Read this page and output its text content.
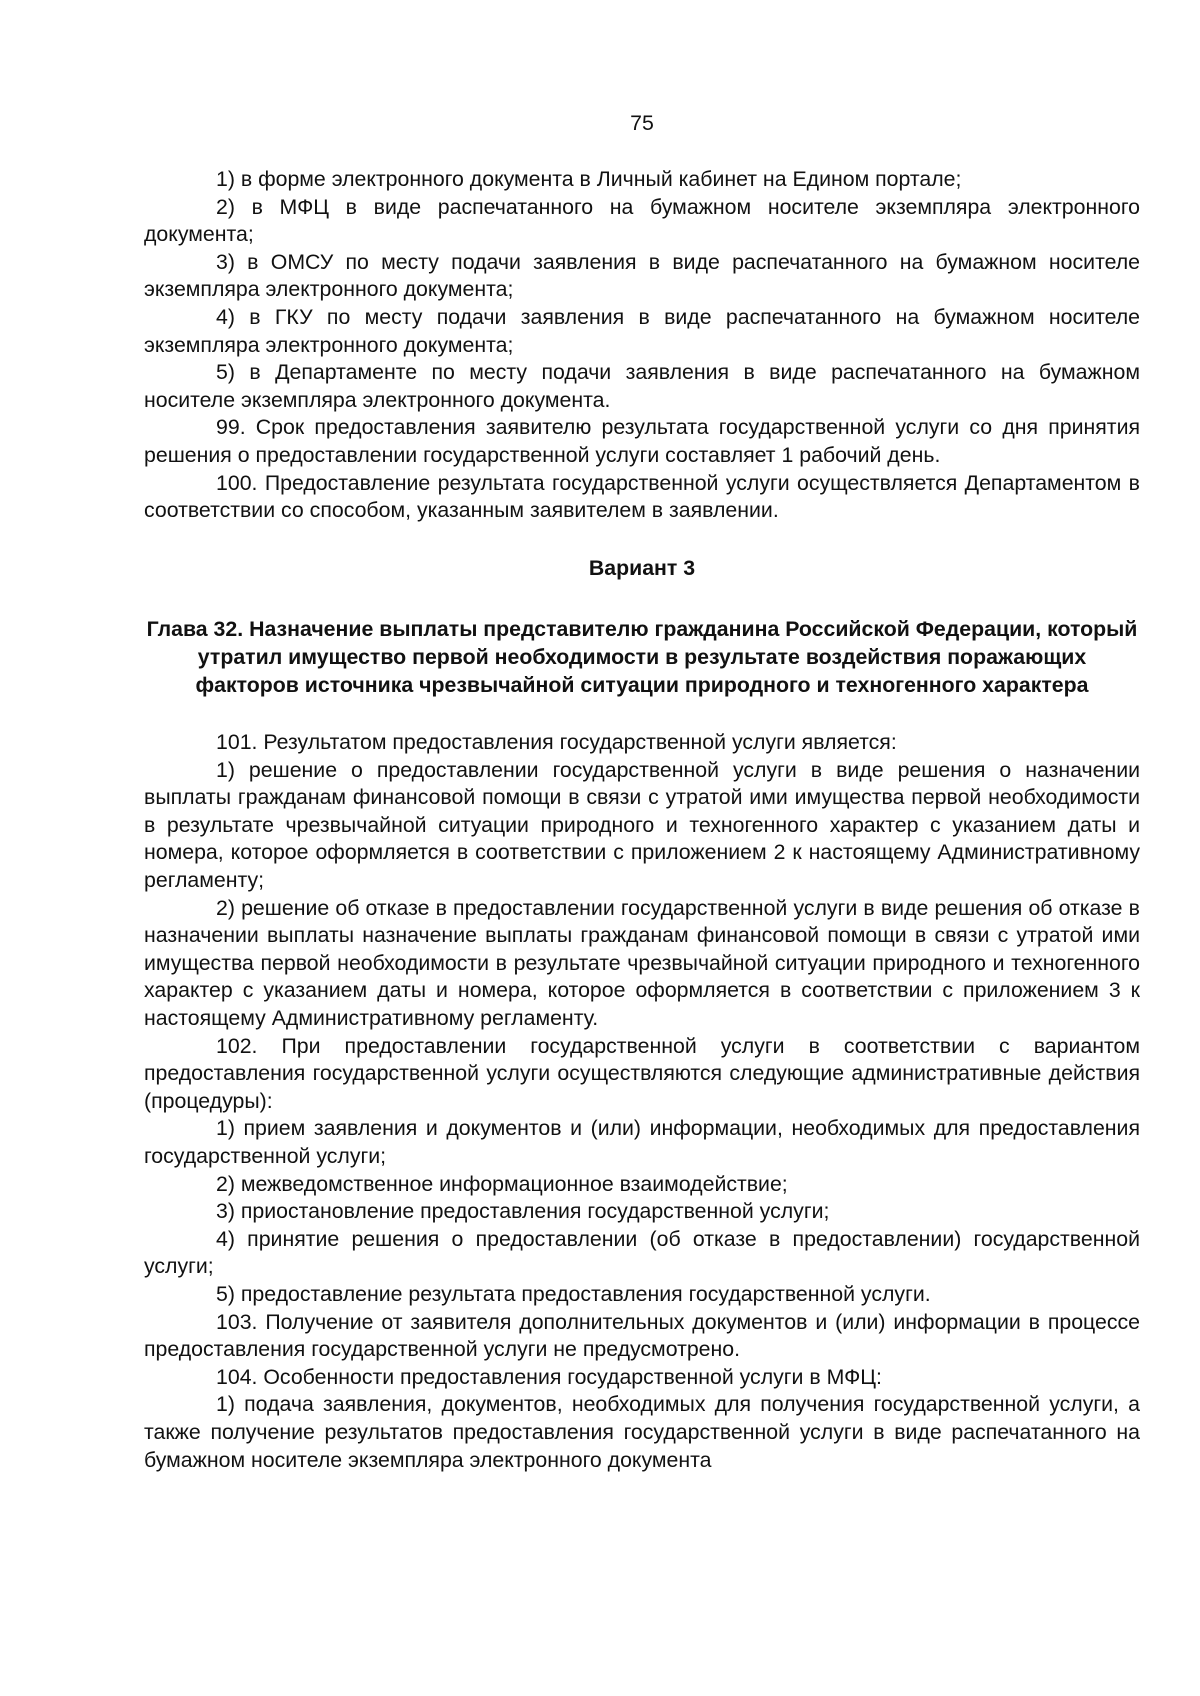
75

1) в форме электронного документа в Личный кабинет на Едином портале;

2) в МФЦ в виде распечатанного на бумажном носителе экземпляра электронного документа;

3) в ОМСУ по месту подачи заявления в виде распечатанного на бумажном носителе экземпляра электронного документа;

4) в ГКУ по месту подачи заявления в виде распечатанного на бумажном носителе экземпляра электронного документа;

5) в Департаменте по месту подачи заявления в виде распечатанного на бумажном носителе экземпляра электронного документа.

99. Срок предоставления заявителю результата государственной услуги со дня принятия решения о предоставлении государственной услуги составляет 1 рабочий день.

100. Предоставление результата государственной услуги осуществляется Департаментом в соответствии со способом, указанным заявителем в заявлении.

Вариант 3

Глава 32. Назначение выплаты представителю гражданина Российской Федерации, который утратил имущество первой необходимости в результате воздействия поражающих факторов источника чрезвычайной ситуации природного и техногенного характера

101. Результатом предоставления государственной услуги является:

1) решение о предоставлении государственной услуги в виде решения о назначении выплаты гражданам финансовой помощи в связи с утратой ими имущества первой необходимости в результате чрезвычайной ситуации природного и техногенного характер с указанием даты и номера, которое оформляется в соответствии с приложением 2 к настоящему Административному регламенту;

2) решение об отказе в предоставлении государственной услуги в виде решения об отказе в назначении выплаты назначение выплаты гражданам финансовой помощи в связи с утратой ими имущества первой необходимости в результате чрезвычайной ситуации природного и техногенного характер с указанием даты и номера, которое оформляется в соответствии с приложением 3 к настоящему Административному регламенту.

102. При предоставлении государственной услуги в соответствии с вариантом предоставления государственной услуги осуществляются следующие административные действия (процедуры):

1) прием заявления и документов и (или) информации, необходимых для предоставления государственной услуги;

2) межведомственное информационное взаимодействие;

3) приостановление предоставления государственной услуги;

4) принятие решения о предоставлении (об отказе в предоставлении) государственной услуги;

5) предоставление результата предоставления государственной услуги.

103. Получение от заявителя дополнительных документов и (или) информации в процессе предоставления государственной услуги не предусмотрено.

104. Особенности предоставления государственной услуги в МФЦ:

1) подача заявления, документов, необходимых для получения государственной услуги, а также получение результатов предоставления государственной услуги в виде распечатанного на бумажном носителе экземпляра электронного документа
